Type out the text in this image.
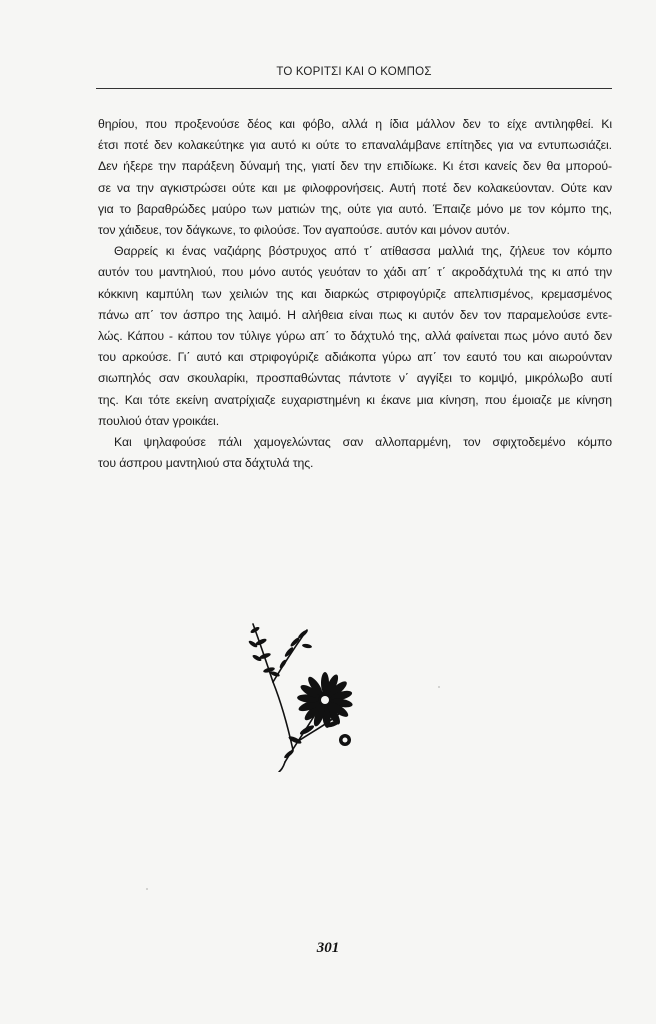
ΤΟ ΚΟΡΙΤΣΙ ΚΑΙ Ο ΚΟΜΠΟΣ
θηρίου, που προξενούσε δέος και φόβο, αλλά η ίδια μάλλον δεν το είχε αντιληφθεί. Κι
έτσι ποτέ δεν κολακεύτηκε για αυτό κι ούτε το επαναλάμβανε επίτηδες για να εντυπωσιάζει.
Δεν ήξερε την παράξενη δύναμή της, γιατί δεν την επιδίωκε. Κι έτσι κανείς δεν θα μπορού-
σε να την αγκιστρώσει ούτε και με φιλοφρονήσεις. Αυτή ποτέ δεν κολακεύονταν. Ούτε καν
για το βαραθρώδες μαύρο των ματιών της, ούτε για αυτό. Έπαιζε μόνο με τον κόμπο της,
τον χάιδευε, τον δάγκωνε, το φιλούσε. Τον αγαπούσε. αυτόν και μόνον αυτόν.
Θαρρείς κι ένας ναζιάρης βόστρυχος από τ΄ ατίθασσα μαλλιά της, ζήλευε τον κόμπο
αυτόν του μαντηλιού, που μόνο αυτός γευόταν το χάδι απ΄ τ΄ ακροδάχτυλά της κι από την
κόκκινη καμπύλη των χειλιών της και διαρκώς στριφογύριζε απελπισμένος, κρεμασμένος
πάνω απ΄ τον άσπρο της λαιμό. Η αλήθεια είναι πως κι αυτόν δεν τον παραμελούσε εντε-
λώς. Κάπου - κάπου τον τύλιγε γύρω απ΄ το δάχτυλό της, αλλά φαίνεται πως μόνο αυτό δεν
του αρκούσε. Γι΄ αυτό και στριφογύριζε αδιάκοπα γύρω απ΄ τον εαυτό του και αιωρούνταν
σιωπηλός σαν σκουλαρίκι, προσπαθώντας πάντοτε ν΄ αγγίξει το κομψό, μικρόλωβο αυτί
της. Και τότε εκείνη ανατρίχιαζε ευχαριστημένη κι έκανε μια κίνηση, που έμοιαζε με κίνηση
πουλιού όταν γροικάει.
Και ψηλαφούσε πάλι χαμογελώντας σαν αλλοπαρμένη, τον σφιχτοδεμένο κόμπο
του άσπρου μαντηλιού στα δάχτυλά της.
301
